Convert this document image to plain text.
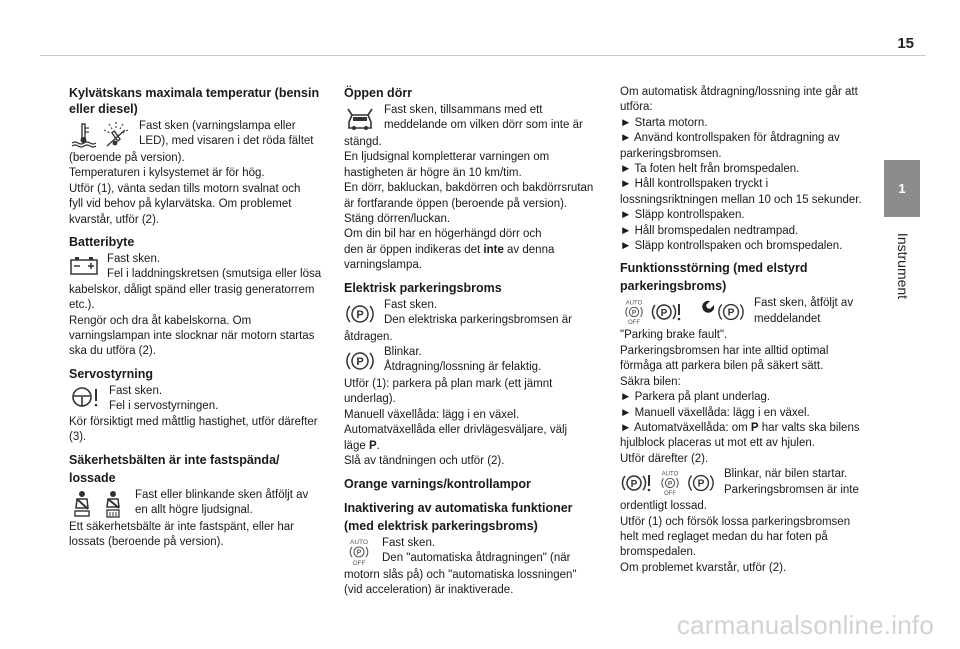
15
1
Instrument
Kylvätskans maximala temperatur (bensin eller diesel)

Fast sken (varningslampa eller

LED), med visaren i det röda fältet

(beroende på version).

Temperaturen i kylsystemet är för hög.

Utför (1), vänta sedan tills motorn svalnat och

fyll vid behov på kylarvätska. Om problemet

kvarstår, utför (2).

Batteribyte

Fast sken.

Fel i laddningskretsen (smutsiga eller lösa

kabelskor, dåligt spänd eller trasig generatorrem

etc.).

Rengör och dra åt kabelskorna. Om

varningslampan inte slocknar när motorn startas

ska du utföra (2).

Servostyrning

Fast sken.

Fel i servostyrningen.

Kör försiktigt med måttlig hastighet, utför därefter

(3).

Säkerhetsbälten är inte fastspända/
lossade

Fast eller blinkande sken åtföljt av

en allt högre ljudsignal.

Ett säkerhetsbälte är inte fastspänt, eller har

lossats (beroende på version).

Öppen dörr

Fast sken, tillsammans med ett

meddelande om vilken dörr som inte är

stängd.

En ljudsignal kompletterar varningen om

hastigheten är högre än 10 km/tim.

En dörr, bakluckan, bakdörren och bakdörrsrutan

är fortfarande öppen (beroende på version).

Stäng dörren/luckan.

Om din bil har en högerhängd dörr och

den är öppen indikeras det inte av denna

varningslampa.

Elektrisk parkeringsbroms
P

Fast sken.

Den elektriska parkeringsbromsen är

åtdragen.

P

Blinkar.

Åtdragning/lossning är felaktig.

Utför (1): parkera på plan mark (ett jämnt

underlag).

Manuell växellåda: lägg i en växel.

Automatväxellåda eller drivlägesväljare, välj

läge P.

Slå av tändningen och utför (2).

Orange varnings/kontrollampor
Inaktivering av automatiska funktioner
(med elektrisk parkeringsbroms)
AUTO
P
OFF

Fast sken.

Den "automatiska åtdragningen" (när

motorn slås på) och "automatiska lossningen"

(vid acceleration) är inaktiverade.

Om automatisk åtdragning/lossning inte går att

utföra:

► Starta motorn.

► Använd kontrollspaken för åtdragning av

parkeringsbromsen.

► Ta foten helt från bromspedalen.

► Håll kontrollspaken tryckt i

lossningsriktningen mellan 10 och 15 sekunder.

► Släpp kontrollspaken.

► Håll bromspedalen nedtrampad.

► Släpp kontrollspaken och bromspedalen.

Funktionsstörning (med elstyrd
parkeringsbroms)
AUTO
P
OFF
P	P

Fast sken, åtföljt av

meddelandet

"Parking brake fault".

Parkeringsbromsen har inte alltid optimal

förmåga att parkera bilen på säkert sätt.

Säkra bilen:

► Parkera på plant underlag.

► Manuell växellåda: lägg i en växel.

► Automatväxellåda: om P har valts ska bilens

hjulblock placeras ut mot ett av hjulen.

Utför därefter (2).

P
AUTO
P
OFF
P

Blinkar, när bilen startar.

Parkeringsbromsen är inte

ordentligt lossad.

Utför (1) och försök lossa parkeringsbromsen

helt med reglaget medan du har foten på

bromspedalen.

Om problemet kvarstår, utför (2).

carmanualsonline.info
